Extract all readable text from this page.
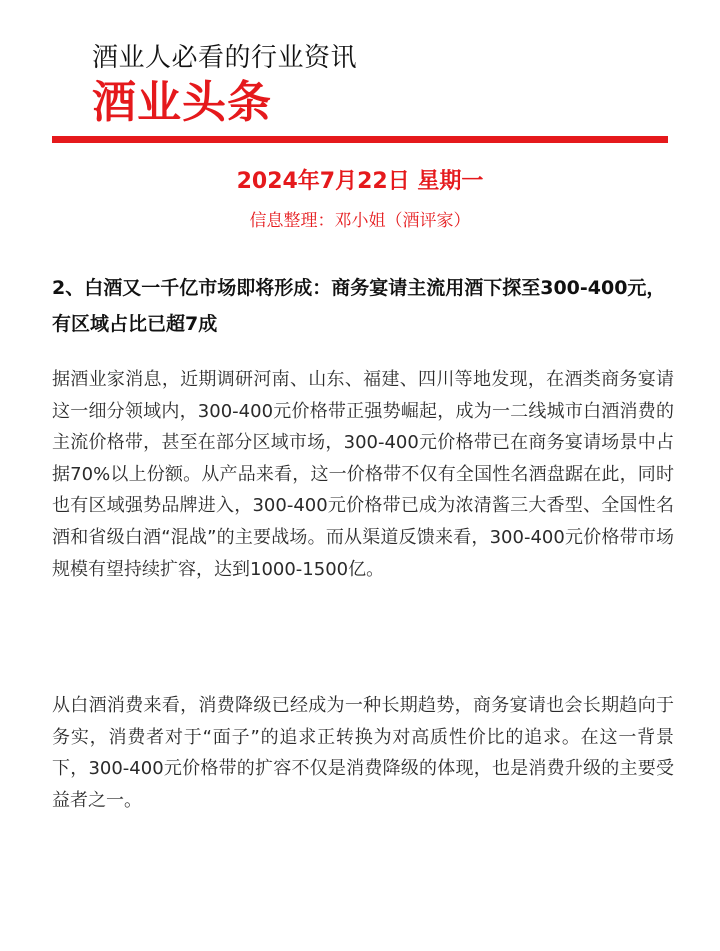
酒业人必看的行业资讯
酒业头条
2024年7月22日 星期一
信息整理：邓小姐（酒评家）
2、白酒又一千亿市场即将形成：商务宴请主流用酒下探至300-400元，有区域占比已超7成
据酒业家消息，近期调研河南、山东、福建、四川等地发现，在酒类商务宴请这一细分领域内，300-400元价格带正强势崛起，成为一二线城市白酒消费的主流价格带，甚至在部分区域市场，300-400元价格带已在商务宴请场景中占据70%以上份额。从产品来看，这一价格带不仅有全国性名酒盘踞在此，同时也有区域强势品牌进入，300-400元价格带已成为浓清酱三大香型、全国性名酒和省级白酒“混战”的主要战场。而从渠道反馈来看，300-400元价格带市场规模有望持续扩容，达到1000-1500亿。
从白酒消费来看，消费降级已经成为一种长期趋势，商务宴请也会长期趋向于务实，消费者对于“面子”的追求正转换为对高质性价比的追求。在这一背景下，300-400元价格带的扩容不仅是消费降级的体现，也是消费升级的主要受益者之一。
